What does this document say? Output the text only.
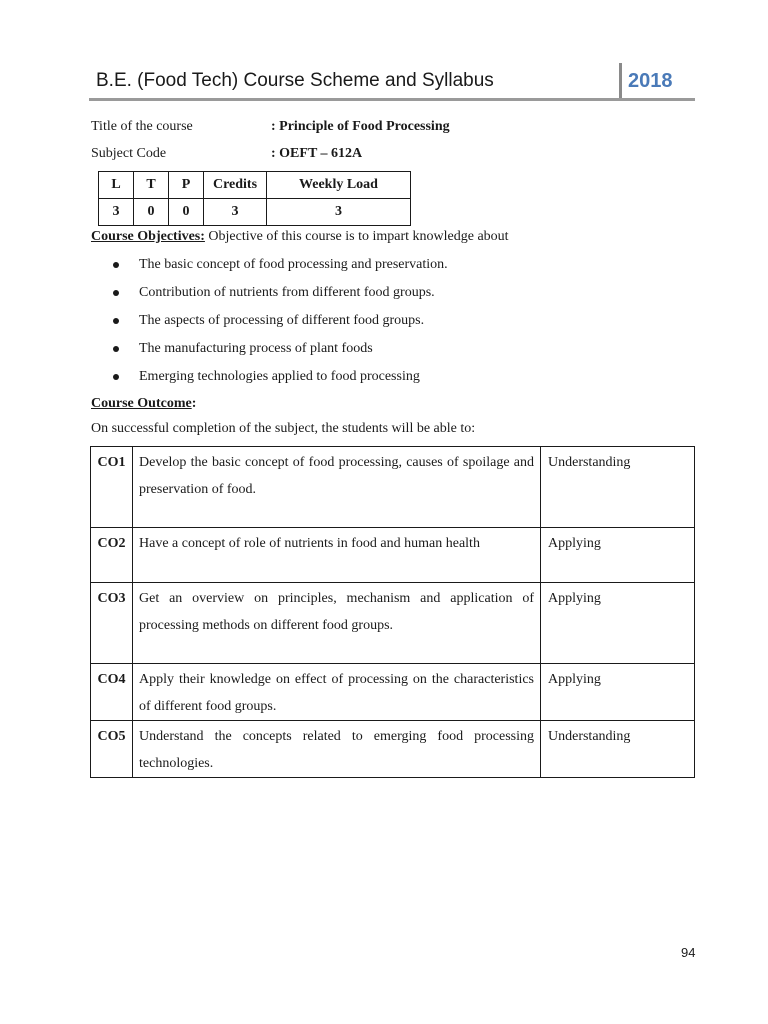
B.E. (Food Tech) Course Scheme and Syllabus	2018
Title of the course	: Principle of Food Processing
Subject Code	: OEFT – 612A
L	T	P	Credits	Weekly Load
3	0	0	3	3
Course Objectives: Objective of this course is to impart knowledge about
The basic concept of food processing and preservation.
Contribution of nutrients from different food groups.
The aspects of processing of different food groups.
The manufacturing process of plant foods
Emerging technologies applied to food processing
Course Outcome:
On successful completion of the subject, the students will be able to:
CO1	Develop the basic concept of food processing, causes of spoilage and preservation of food.	Understanding
CO2	Have a concept of role of nutrients in food and human health	Applying
CO3	Get an overview on principles, mechanism and application of processing methods on different food groups.	Applying
CO4	Apply their knowledge on effect of processing on the characteristics of different food groups.	Applying
CO5	Understand the concepts related to emerging food processing technologies.	Understanding
94
